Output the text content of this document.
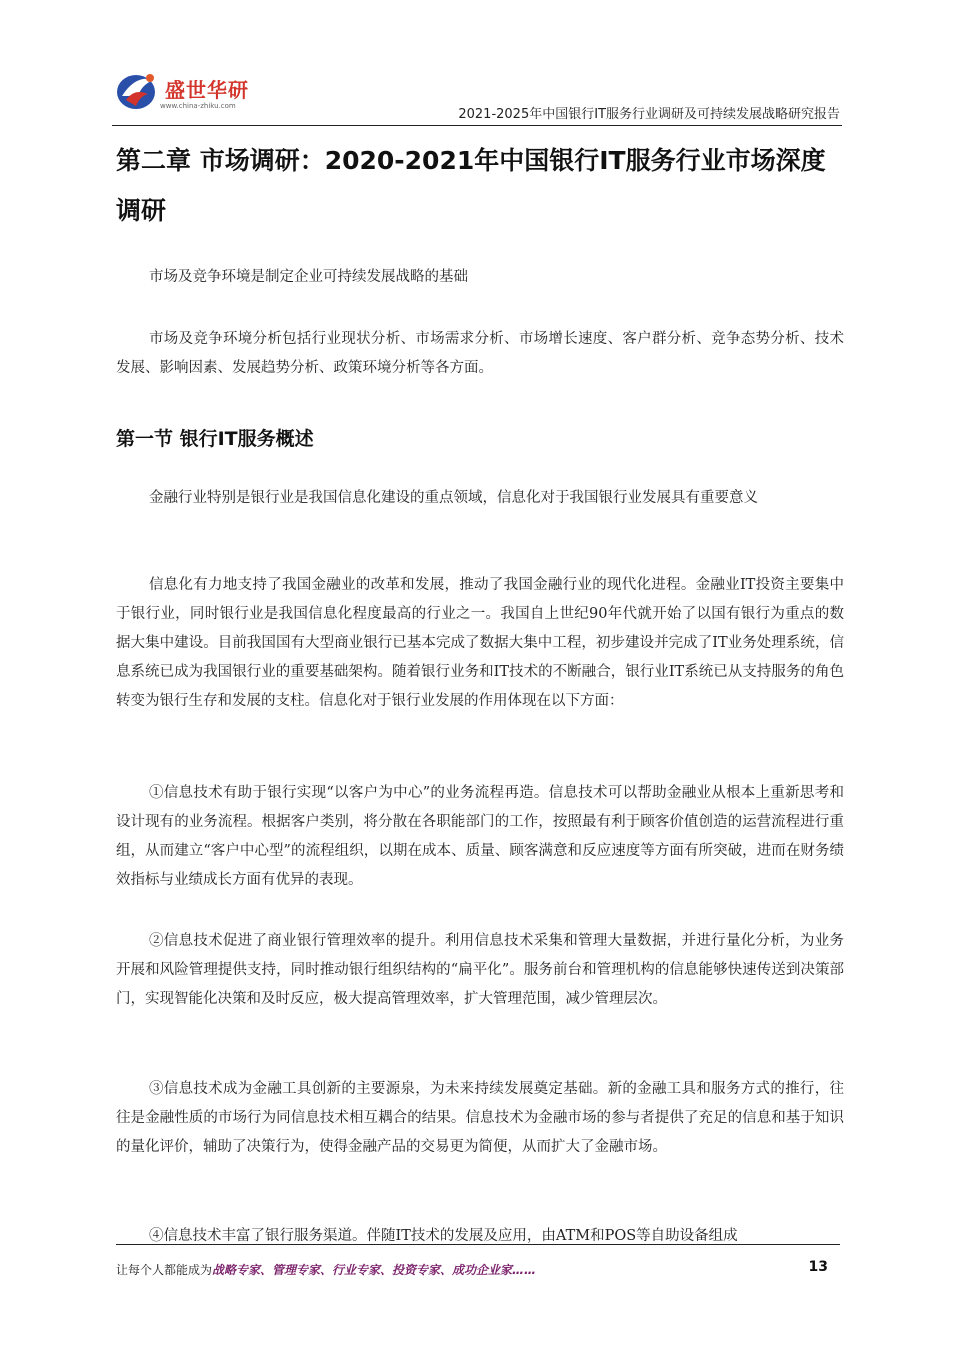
盛世华研
www.china-zhiku.com
2021-2025年中国银行IT服务行业调研及可持续发展战略研究报告
第二章 市场调研：2020-2021年中国银行IT服务行业市场深度调研

市场及竞争环境是制定企业可持续发展战略的基础

市场及竞争环境分析包括行业现状分析、市场需求分析、市场增长速度、客户群分析、竞争态势分析、技术发展、影响因素、发展趋势分析、政策环境分析等各方面。

第一节 银行IT服务概述

金融行业特别是银行业是我国信息化建设的重点领域，信息化对于我国银行业发展具有重要意义

信息化有力地支持了我国金融业的改革和发展，推动了我国金融行业的现代化进程。金融业IT投资主要集中于银行业，同时银行业是我国信息化程度最高的行业之一。我国自上世纪90年代就开始了以国有银行为重点的数据大集中建设。目前我国国有大型商业银行已基本完成了数据大集中工程，初步建设并完成了IT业务处理系统，信息系统已成为我国银行业的重要基础架构。随着银行业务和IT技术的不断融合，银行业IT系统已从支持服务的角色转变为银行生存和发展的支柱。信息化对于银行业发展的作用体现在以下方面：

①信息技术有助于银行实现“以客户为中心”的业务流程再造。信息技术可以帮助金融业从根本上重新思考和设计现有的业务流程。根据客户类别，将分散在各职能部门的工作，按照最有利于顾客价值创造的运营流程进行重组，从而建立“客户中心型”的流程组织，以期在成本、质量、顾客满意和反应速度等方面有所突破，进而在财务绩效指标与业绩成长方面有优异的表现。

②信息技术促进了商业银行管理效率的提升。利用信息技术采集和管理大量数据，并进行量化分析，为业务开展和风险管理提供支持，同时推动银行组织结构的“扁平化”。服务前台和管理机构的信息能够快速传送到决策部门，实现智能化决策和及时反应，极大提高管理效率，扩大管理范围，减少管理层次。

③信息技术成为金融工具创新的主要源泉，为未来持续发展奠定基础。新的金融工具和服务方式的推行，往往是金融性质的市场行为同信息技术相互耦合的结果。信息技术为金融市场的参与者提供了充足的信息和基于知识的量化评价，辅助了决策行为，使得金融产品的交易更为简便，从而扩大了金融市场。

④信息技术丰富了银行服务渠道。伴随IT技术的发展及应用，由ATM和POS等自助设备组成

让每个人都能成为战略专家、管理专家、行业专家、投资专家、成功企业家……	13
